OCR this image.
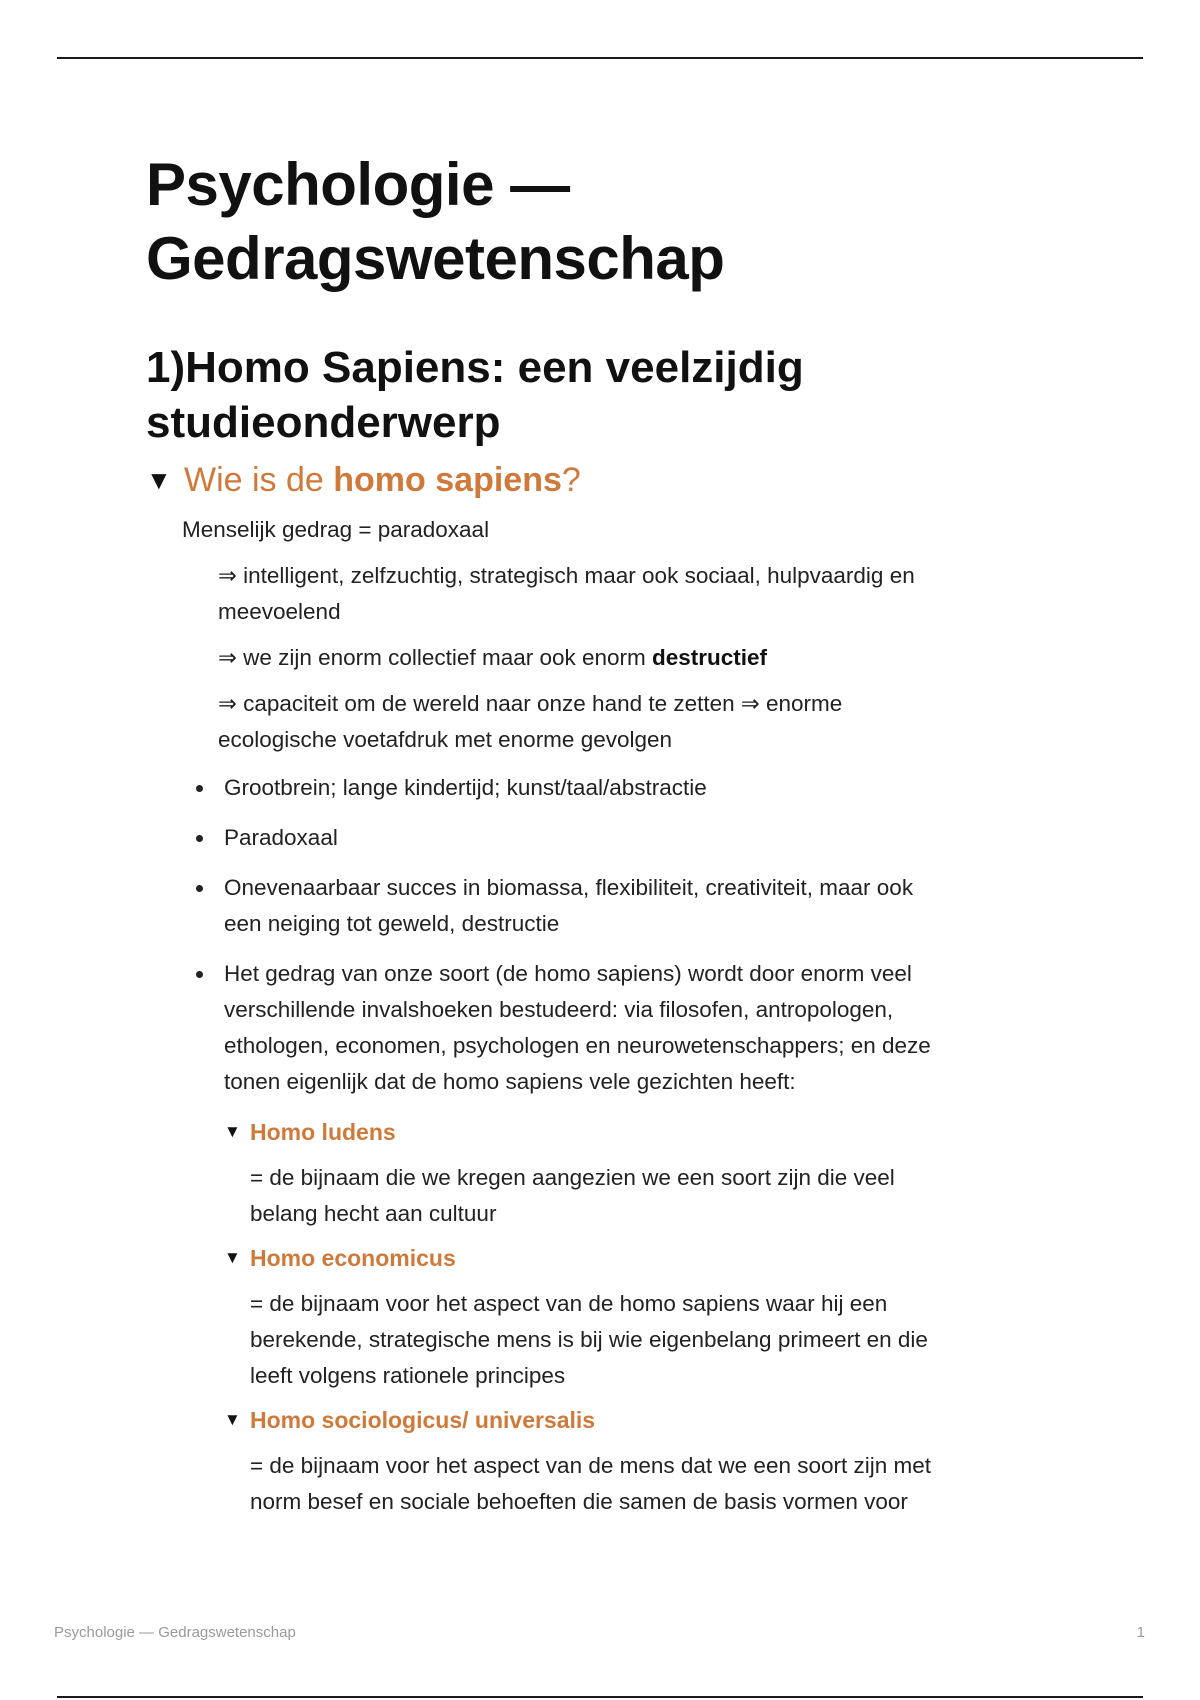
Psychologie —
Gedragswetenschap
1)Homo Sapiens: een veelzijdig
studieonderwerp
▼ Wie is de homo sapiens?

Menselijk gedrag = paradoxaal

⇒ intelligent, zelfzuchtig, strategisch maar ook sociaal, hulpvaardig en
meevoelend

⇒ we zijn enorm collectief maar ook enorm destructief

⇒ capaciteit om de wereld naar onze hand te zetten ⇒ enorme
ecologische voetafdruk met enorme gevolgen

Grootbrein; lange kindertijd; kunst/taal/abstractie
Paradoxaal
Onevenaarbaar succes in biomassa, flexibiliteit, creativiteit, maar ook
een neiging tot geweld, destructie
Het gedrag van onze soort (de homo sapiens) wordt door enorm veel
verschillende invalshoeken bestudeerd: via filosofen, antropologen,
ethologen, economen, psychologen en neurowetenschappers; en deze
tonen eigenlijk dat de homo sapiens vele gezichten heeft:
▼ Homo ludens

= de bijnaam die we kregen aangezien we een soort zijn die veel
belang hecht aan cultuur

▼ Homo economicus

= de bijnaam voor het aspect van de homo sapiens waar hij een
berekende, strategische mens is bij wie eigenbelang primeert en die
leeft volgens rationele principes

▼ Homo sociologicus/ universalis

= de bijnaam voor het aspect van de mens dat we een soort zijn met
norm besef en sociale behoeften die samen de basis vormen voor

Psychologie — Gedragswetenschap	1
